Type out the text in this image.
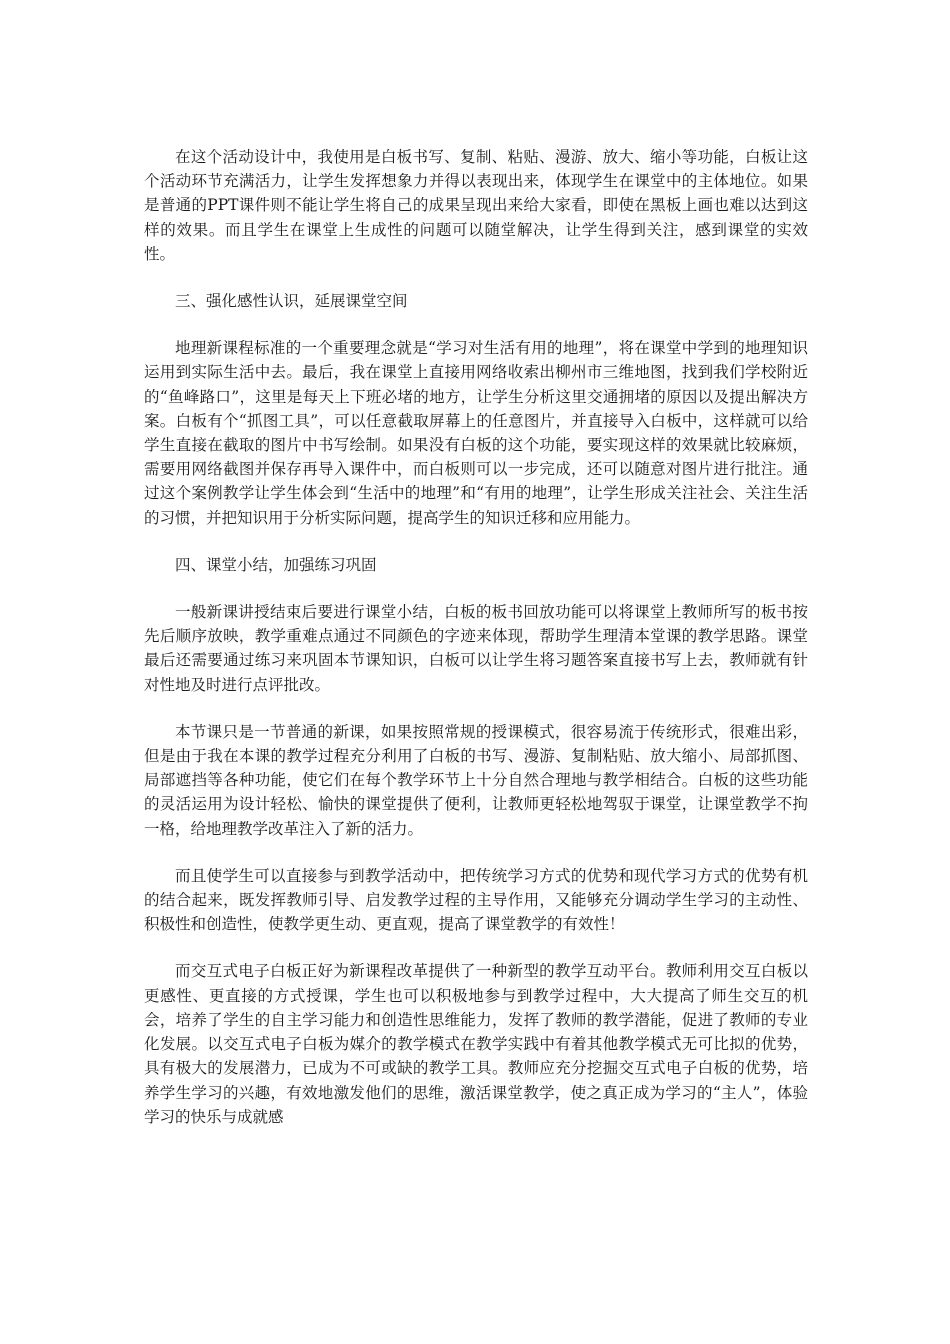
在这个活动设计中，我使用是白板书写、复制、粘贴、漫游、放大、缩小等功能，白板让这个活动环节充满活力，让学生发挥想象力并得以表现出来，体现学生在课堂中的主体地位。如果是普通的PPT课件则不能让学生将自己的成果呈现出来给大家看，即使在黑板上画也难以达到这样的效果。而且学生在课堂上生成性的问题可以随堂解决，让学生得到关注，感到课堂的实效性。

三、强化感性认识，延展课堂空间

地理新课程标准的一个重要理念就是“学习对生活有用的地理”，将在课堂中学到的地理知识运用到实际生活中去。最后，我在课堂上直接用网络收索出柳州市三维地图，找到我们学校附近的“鱼峰路口”，这里是每天上下班必堵的地方，让学生分析这里交通拥堵的原因以及提出解决方案。白板有个“抓图工具”，可以任意截取屏幕上的任意图片，并直接导入白板中，这样就可以给学生直接在截取的图片中书写绘制。如果没有白板的这个功能，要实现这样的效果就比较麻烦，需要用网络截图并保存再导入课件中，而白板则可以一步完成，还可以随意对图片进行批注。通过这个案例教学让学生体会到“生活中的地理”和“有用的地理”，让学生形成关注社会、关注生活的习惯，并把知识用于分析实际问题，提高学生的知识迁移和应用能力。

四、课堂小结，加强练习巩固

一般新课讲授结束后要进行课堂小结，白板的板书回放功能可以将课堂上教师所写的板书按先后顺序放映，教学重难点通过不同颜色的字迹来体现，帮助学生理清本堂课的教学思路。课堂最后还需要通过练习来巩固本节课知识，白板可以让学生将习题答案直接书写上去，教师就有针对性地及时进行点评批改。

本节课只是一节普通的新课，如果按照常规的授课模式，很容易流于传统形式，很难出彩，但是由于我在本课的教学过程充分利用了白板的书写、漫游、复制粘贴、放大缩小、局部抓图、局部遮挡等各种功能，使它们在每个教学环节上十分自然合理地与教学相结合。白板的这些功能的灵活运用为设计轻松、愉快的课堂提供了便利，让教师更轻松地驾驭于课堂，让课堂教学不拘一格，给地理教学改革注入了新的活力。

而且使学生可以直接参与到教学活动中，把传统学习方式的优势和现代学习方式的优势有机的结合起来，既发挥教师引导、启发教学过程的主导作用，又能够充分调动学生学习的主动性、积极性和创造性，使教学更生动、更直观，提高了课堂教学的有效性！

而交互式电子白板正好为新课程改革提供了一种新型的教学互动平台。教师利用交互白板以更感性、更直接的方式授课，学生也可以积极地参与到教学过程中，大大提高了师生交互的机会，培养了学生的自主学习能力和创造性思维能力，发挥了教师的教学潜能，促进了教师的专业化发展。以交互式电子白板为媒介的教学模式在教学实践中有着其他教学模式无可比拟的优势，具有极大的发展潜力，已成为不可或缺的教学工具。教师应充分挖掘交互式电子白板的优势，培养学生学习的兴趣，有效地激发他们的思维，激活课堂教学，使之真正成为学习的“主人”，体验学习的快乐与成就感
